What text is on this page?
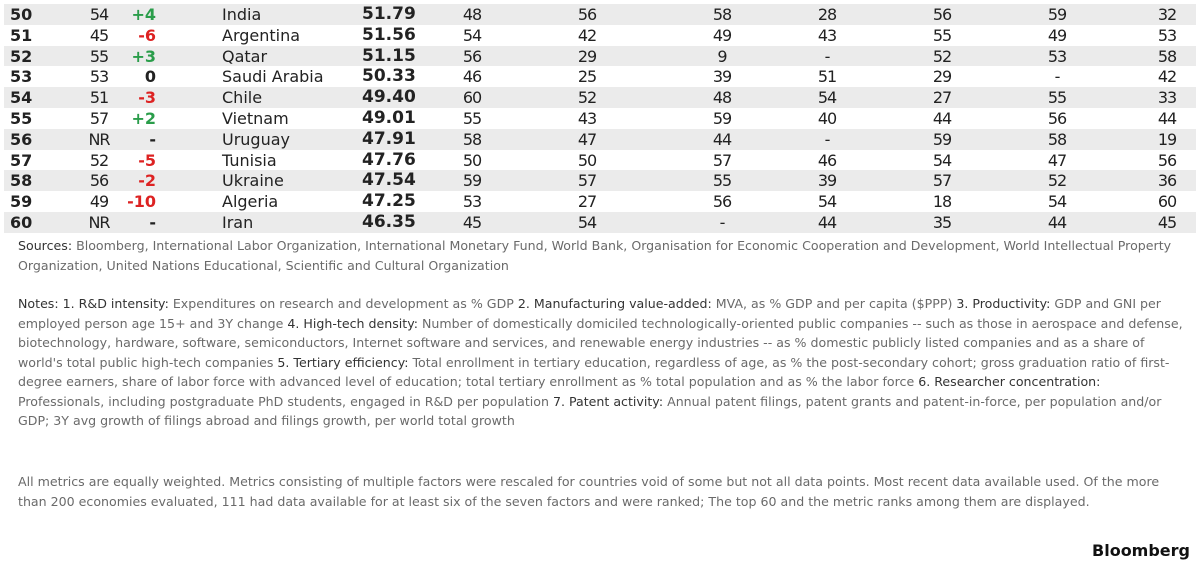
50	54	+4	India	51.79	48	56	58	28	56	59	32
51	45	-6	Argentina	51.56	54	42	49	43	55	49	53
52	55	+3	Qatar	51.15	56	29	9	-	52	53	58
53	53	0	Saudi Arabia 50.33	46	25	39	51	29	-	42
54	51	-3	Chile	49.40	60	52	48	54	27	55	33
55	57	+2	Vietnam	49.01	55	43	59	40	44	56	44
56	NR	-	Uruguay	47.91	58	47	44	-	59	58	19
57	52	-5	Tunisia	47.76	50	50	57	46	54	47	56
58	56	-2	Ukraine	47.54	59	57	55	39	57	52	36
59	49	-10	Algeria	47.25	53	27	56	54	18	54	60
60	NR	-	Iran	46.35	45	54	-	44	35	44	45
Sources: Bloomberg, International Labor Organization, International Monetary Fund, World Bank, Organisation for Economic Cooperation and Development, World Intellectual Property Organization, United Nations Educational, Scientific and Cultural Organization
Notes: 1. R&D intensity: Expenditures on research and development as % GDP 2. Manufacturing value-added: MVA, as % GDP and per capita ($PPP) 3. Productivity: GDP and GNI per employed person age 15+ and 3Y change 4. High-tech density: Number of domestically domiciled technologically-oriented public companies -- such as those in aerospace and defense, biotechnology, hardware, software, semiconductors, Internet software and services, and renewable energy industries -- as % domestic publicly listed companies and as a share of world's total public high-tech companies 5. Tertiary efficiency: Total enrollment in tertiary education, regardless of age, as % the post-secondary cohort; gross graduation ratio of first-degree earners, share of labor force with advanced level of education; total tertiary enrollment as % total population and as % the labor force 6. Researcher concentration: Professionals, including postgraduate PhD students, engaged in R&D per population 7. Patent activity: Annual patent filings, patent grants and patent-in-force, per population and/or GDP; 3Y avg growth of filings abroad and filings growth, per world total growth
All metrics are equally weighted. Metrics consisting of multiple factors were rescaled for countries void of some but not all data points. Most recent data available used. Of the more than 200 economies evaluated, 111 had data available for at least six of the seven factors and were ranked; The top 60 and the metric ranks among them are displayed.
Bloomberg
